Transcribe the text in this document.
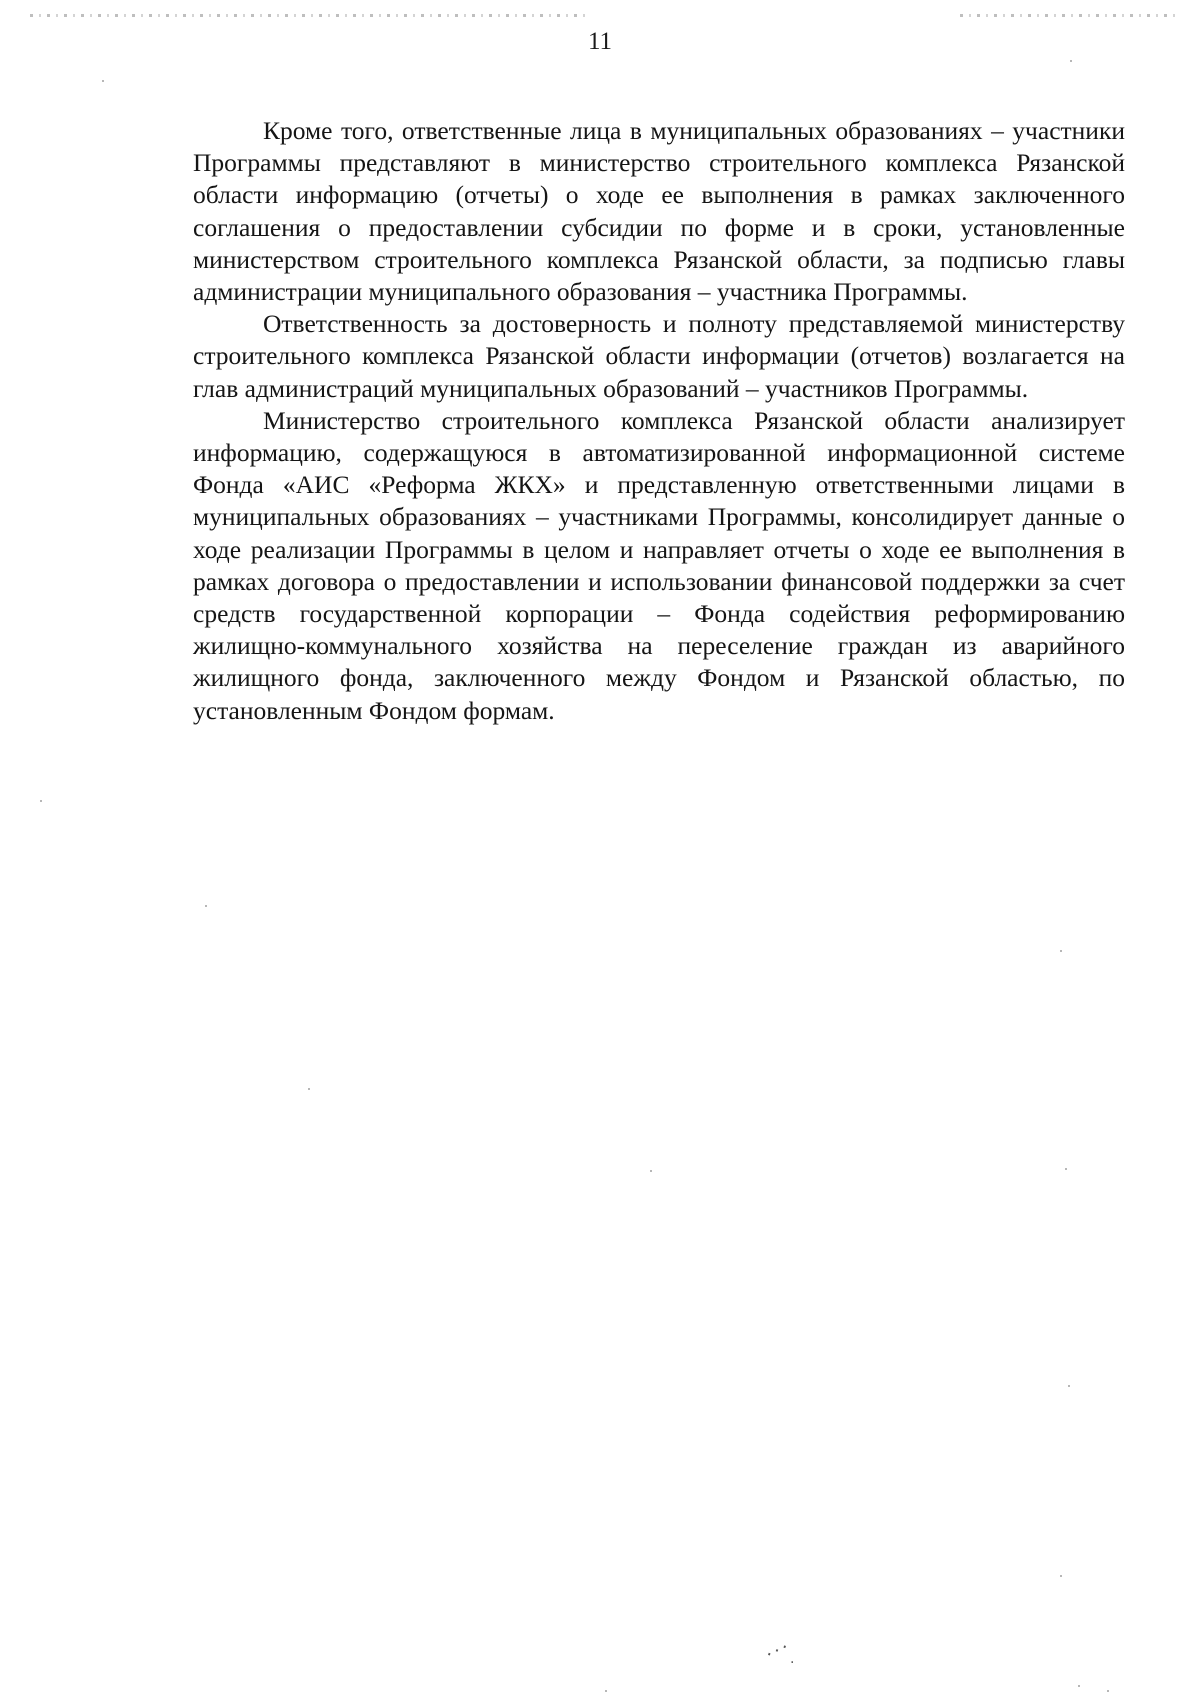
11

Кроме того, ответственные лица в муниципальных образованиях – участники Программы представляют в министерство строительного комплекса Рязанской области информацию (отчеты) о ходе ее выполнения в рамках заключенного соглашения о предоставлении субсидии по форме и в сроки, установленные министерством строительного комплекса Рязанской области, за подписью главы администрации муниципального образования – участника Программы.

Ответственность за достоверность и полноту представляемой министерству строительного комплекса Рязанской области информации (отчетов) возлагается на глав администраций муниципальных образований – участников Программы.

Министерство строительного комплекса Рязанской области анализирует информацию, содержащуюся в автоматизированной информационной системе Фонда «АИС «Реформа ЖКХ» и представленную ответственными лицами в муниципальных образованиях – участниками Программы, консолидирует данные о ходе реализации Программы в целом и направляет отчеты о ходе ее выполнения в рамках договора о предоставлении и использовании финансовой поддержки за счет средств государственной корпорации – Фонда содействия реформированию жилищно-коммунального хозяйства на переселение граждан из аварийного жилищного фонда, заключенного между Фондом и Рязанской областью, по установленным Фондом формам.

⋰ ·
